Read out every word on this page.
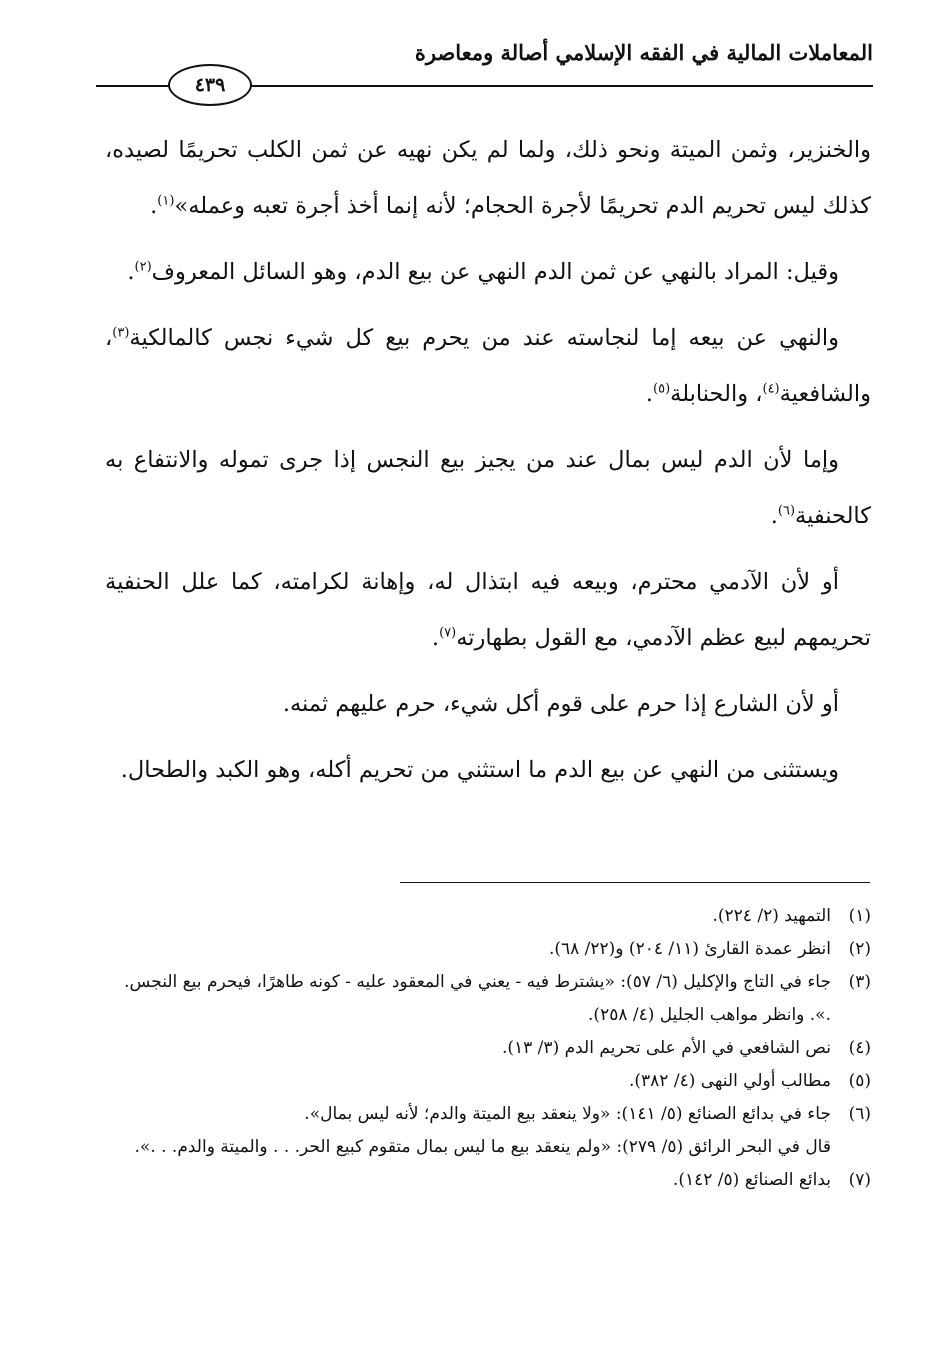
المعاملات المالية في الفقه الإسلامي أصالة ومعاصرة
٤٣٩

والخنزير، وثمن الميتة ونحو ذلك، ولما لم يكن نهيه عن ثمن الكلب تحريمًا لصيده، كذلك ليس تحريم الدم تحريمًا لأجرة الحجام؛ لأنه إنما أخذ أجرة تعبه وعمله»$^{(١)}$.

وقيل: المراد بالنهي عن ثمن الدم النهي عن بيع الدم، وهو السائل المعروف$^{(٢)}$.

والنهي عن بيعه إما لنجاسته عند من يحرم بيع كل شيء نجس كالمالكية$^{(٣)}$، والشافعية$^{(٤)}$، والحنابلة$^{(٥)}$.

وإما لأن الدم ليس بمال عند من يجيز بيع النجس إذا جرى تموله والانتفاع به كالحنفية$^{(٦)}$.

أو لأن الآدمي محترم، وبيعه فيه ابتذال له، وإهانة لكرامته، كما علل الحنفية تحريمهم لبيع عظم الآدمي، مع القول بطهارته$^{(٧)}$.

أو لأن الشارع إذا حرم على قوم أكل شيء، حرم عليهم ثمنه.

ويستثنى من النهي عن بيع الدم ما استثني من تحريم أكله، وهو الكبد والطحال.

(١)
التمهيد (٢/ ٢٢٤).
(٢)
انظر عمدة القارئ (١١/ ٢٠٤) و(٢٢/ ٦٨).
(٣)
جاء في التاج والإكليل (٦/ ٥٧): «يشترط فيه - يعني في المعقود عليه - كونه طاهرًا، فيحرم بيع النجس. .». وانظر مواهب الجليل (٤/ ٢٥٨).
(٤)
نص الشافعي في الأم على تحريم الدم (٣/ ١٣).
(٥)
مطالب أولي النهى (٤/ ٣٨٢).
(٦)
جاء في بدائع الصنائع (٥/ ١٤١): «ولا ينعقد بيع الميتة والدم؛ لأنه ليس بمال».
قال في البحر الرائق (٥/ ٢٧٩): «ولم ينعقد بيع ما ليس بمال متقوم كبيع الحر. . . والميتة والدم. . .».
(٧)
بدائع الصنائع (٥/ ١٤٢).
